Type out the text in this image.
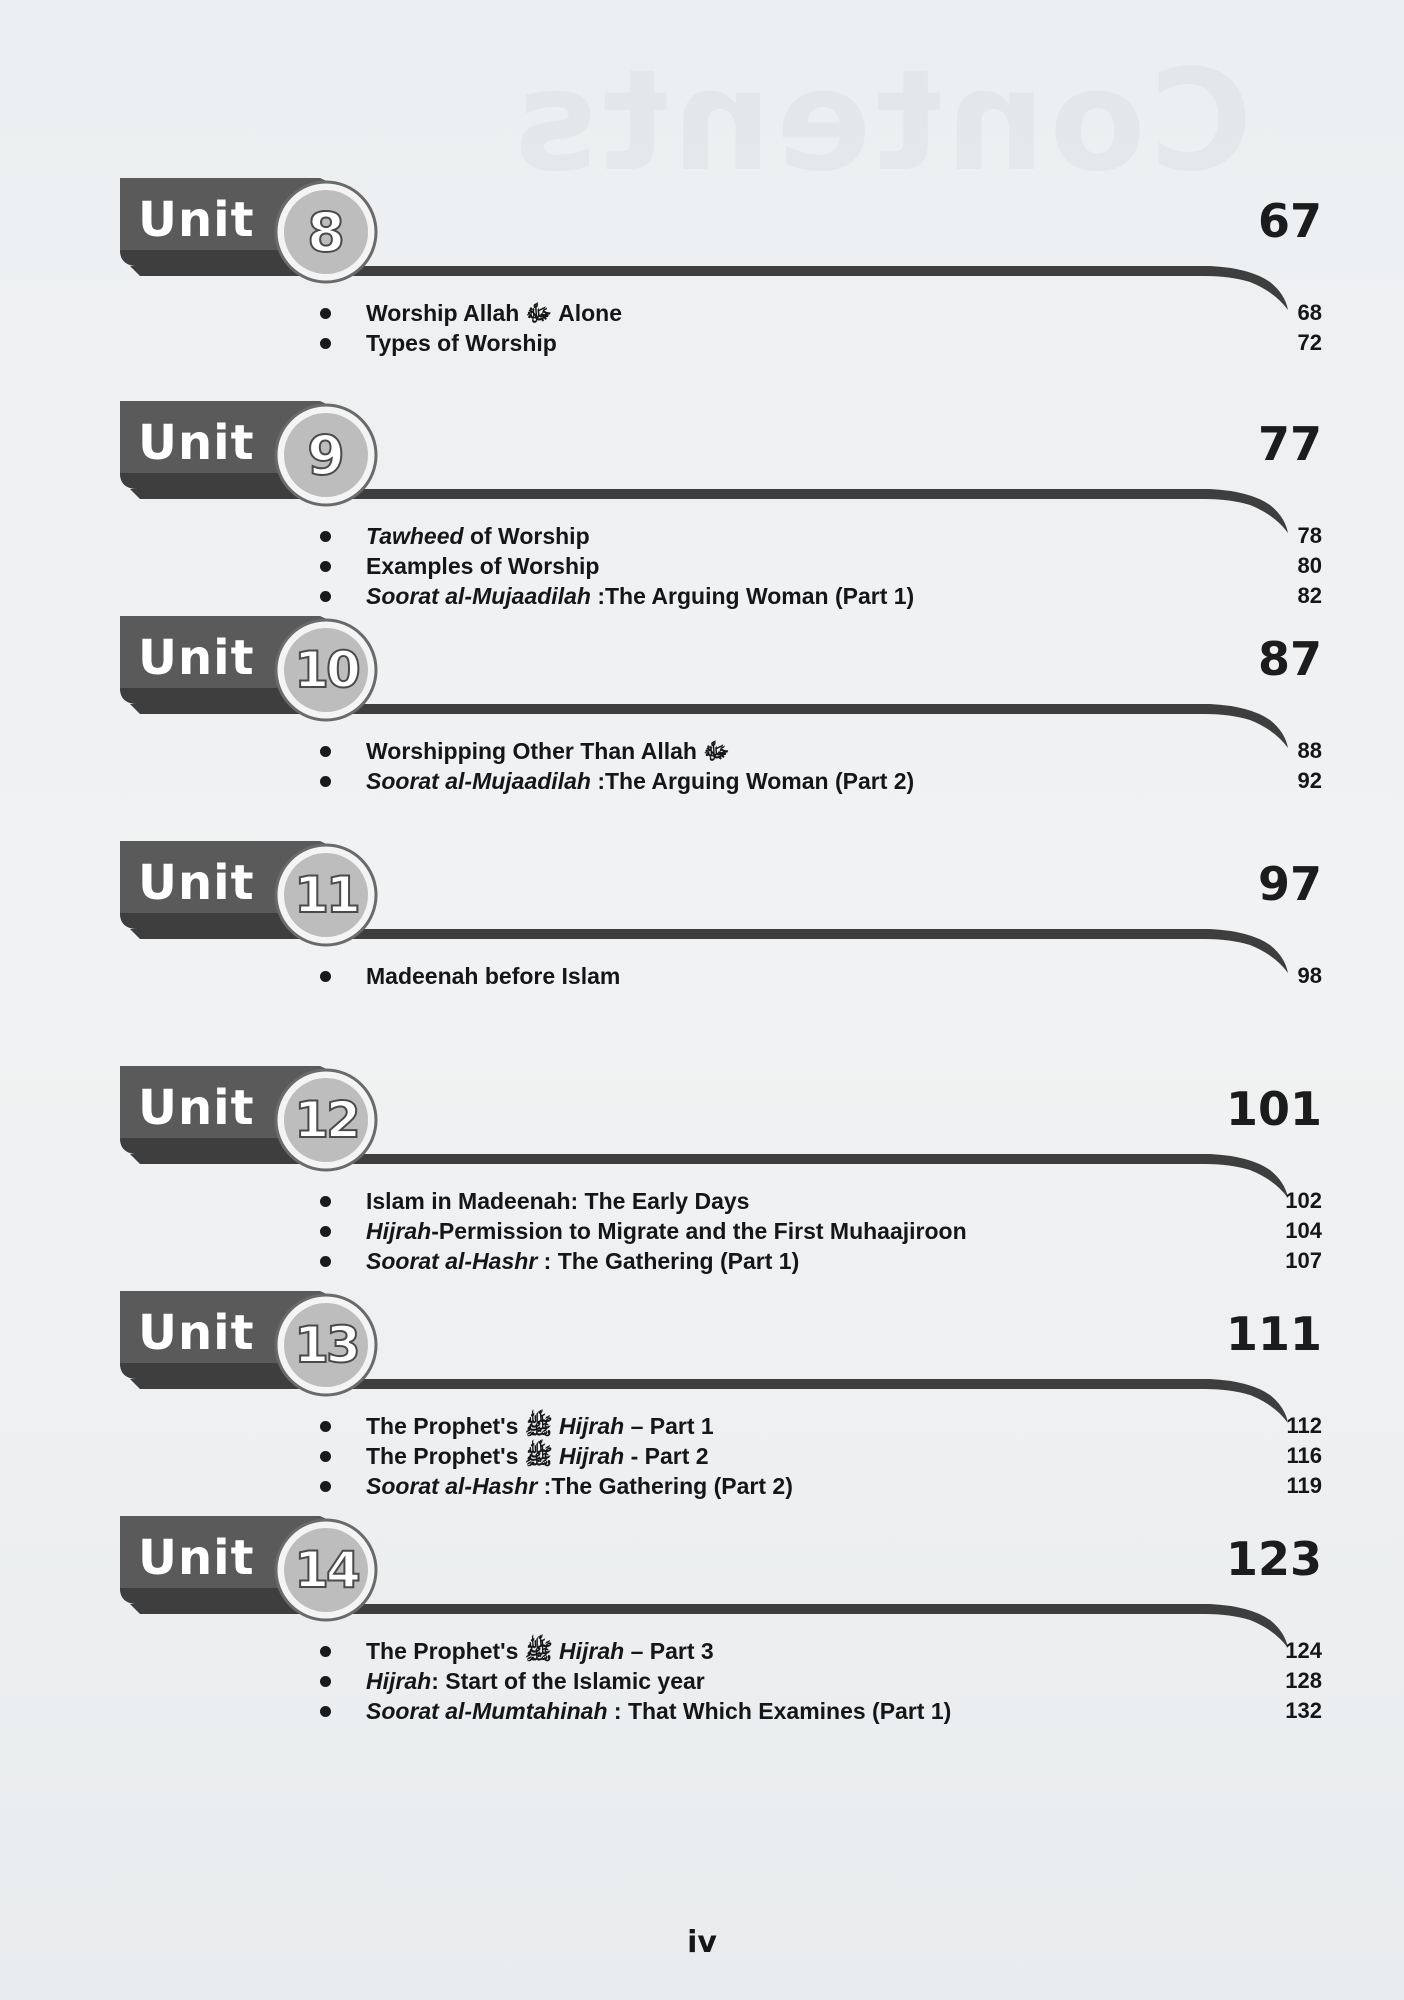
Contents
Unit 8	67
Worship Allah ﷻ Alone	68
Types of Worship	72
Unit 9	77
Tawheed of Worship	78
Examples of Worship	80
Soorat al-Mujaadilah :The Arguing Woman (Part 1)	82
Unit 10	87
Worshipping Other Than Allah ﷻ	88
Soorat al-Mujaadilah :The Arguing Woman (Part 2)	92
Unit 11	97
Madeenah before Islam	98
Unit 12	101
Islam in Madeenah: The Early Days	102
Hijrah-Permission to Migrate and the First Muhaajiroon	104
Soorat al-Hashr : The Gathering (Part 1)	107
Unit 13	111
The Prophet's ﷺ Hijrah – Part 1	112
The Prophet's ﷺ Hijrah - Part 2	116
Soorat al-Hashr :The Gathering (Part 2)	119
Unit 14	123
The Prophet's ﷺ Hijrah – Part 3	124
Hijrah: Start of the Islamic year	128
Soorat al-Mumtahinah : That Which Examines (Part 1)	132
iv
